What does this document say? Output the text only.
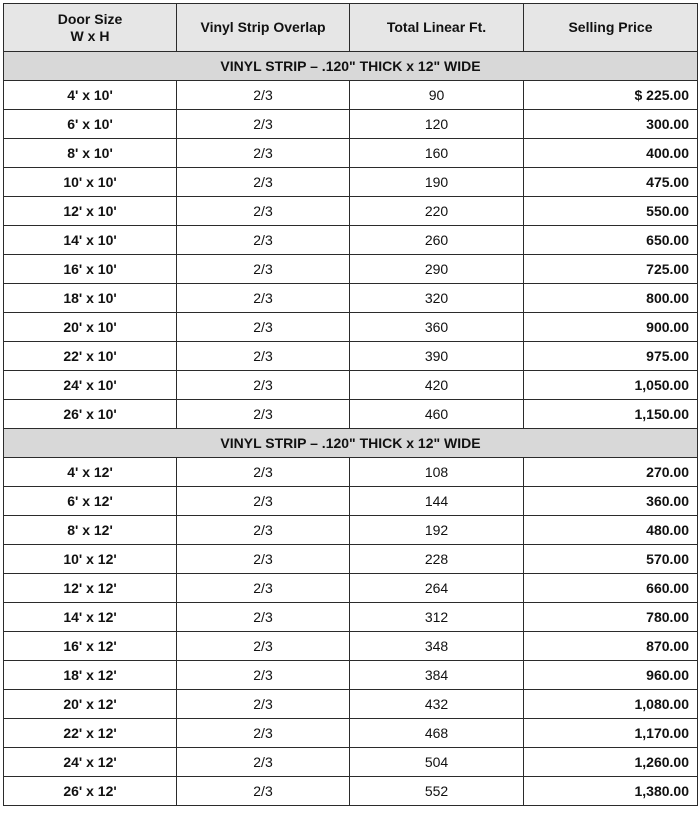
Door Size
W x H	Vinyl Strip Overlap	Total Linear Ft.	Selling Price
VINYL STRIP – .120" THICK x 12" WIDE			
4' x 10'	2/3	90	$ 225.00
6' x 10'	2/3	120	300.00
8' x 10'	2/3	160	400.00
10' x 10'	2/3	190	475.00
12' x 10'	2/3	220	550.00
14' x 10'	2/3	260	650.00
16' x 10'	2/3	290	725.00
18' x 10'	2/3	320	800.00
20' x 10'	2/3	360	900.00
22' x 10'	2/3	390	975.00
24' x 10'	2/3	420	1,050.00
26' x 10'	2/3	460	1,150.00
VINYL STRIP – .120" THICK x 12" WIDE			
4' x 12'	2/3	108	270.00
6' x 12'	2/3	144	360.00
8' x 12'	2/3	192	480.00
10' x 12'	2/3	228	570.00
12' x 12'	2/3	264	660.00
14' x 12'	2/3	312	780.00
16' x 12'	2/3	348	870.00
18' x 12'	2/3	384	960.00
20' x 12'	2/3	432	1,080.00
22' x 12'	2/3	468	1,170.00
24' x 12'	2/3	504	1,260.00
26' x 12'	2/3	552	1,380.00
